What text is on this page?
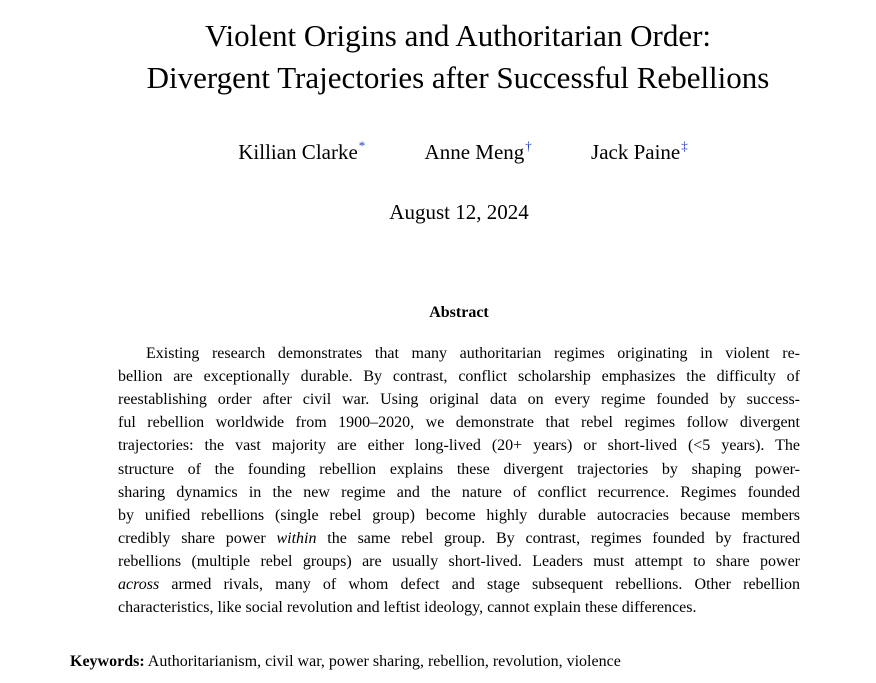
Violent Origins and Authoritarian Order:
Divergent Trajectories after Successful Rebellions
Killian Clarke*	Anne Meng†	Jack Paine‡
August 12, 2024
Abstract
Existing research demonstrates that many authoritarian regimes originating in violent re-
bellion are exceptionally durable. By contrast, conflict scholarship emphasizes the difficulty of
reestablishing order after civil war. Using original data on every regime founded by success-
ful rebellion worldwide from 1900–2020, we demonstrate that rebel regimes follow divergent
trajectories: the vast majority are either long-lived (20+ years) or short-lived (<5 years). The
structure of the founding rebellion explains these divergent trajectories by shaping power-
sharing dynamics in the new regime and the nature of conflict recurrence. Regimes founded
by unified rebellions (single rebel group) become highly durable autocracies because members
credibly share power within the same rebel group. By contrast, regimes founded by fractured
rebellions (multiple rebel groups) are usually short-lived. Leaders must attempt to share power
across armed rivals, many of whom defect and stage subsequent rebellions. Other rebellion
characteristics, like social revolution and leftist ideology, cannot explain these differences.
Keywords: Authoritarianism, civil war, power sharing, rebellion, revolution, violence
